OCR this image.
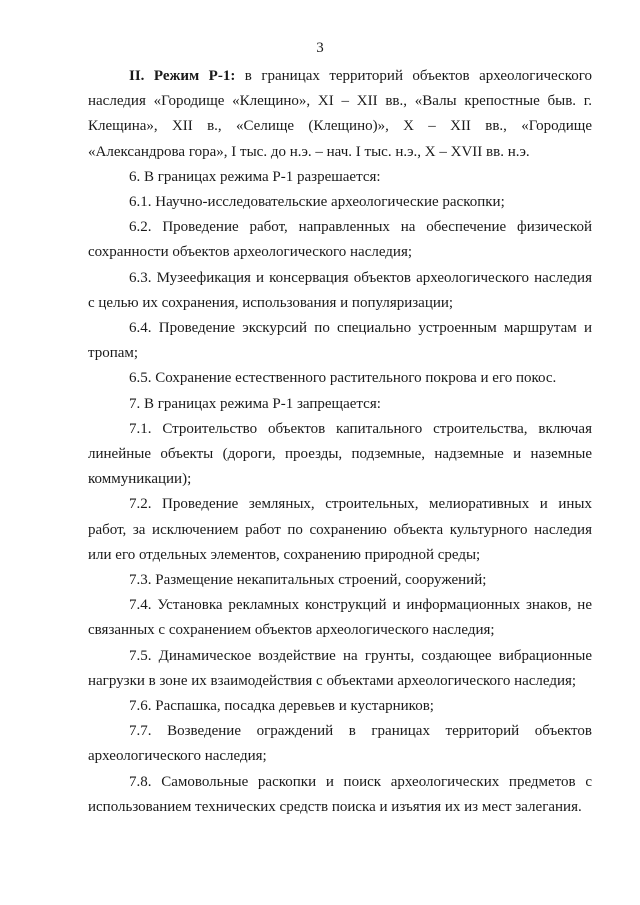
3

II. Режим Р-1: в границах территорий объектов археологического наследия «Городище «Клещино», XI – XII вв., «Валы крепостные быв. г. Клещина», XII в., «Селище (Клещино)», X – XII вв., «Городище «Александрова гора», I тыс. до н.э. – нач. I тыс. н.э., X – XVII вв. н.э.

6. В границах режима Р-1 разрешается:

6.1. Научно-исследовательские археологические раскопки;

6.2. Проведение работ, направленных на обеспечение физической сохранности объектов археологического наследия;

6.3. Музеефикация и консервация объектов археологического наследия с целью их сохранения, использования и популяризации;

6.4. Проведение экскурсий по специально устроенным маршрутам и тропам;

6.5. Сохранение естественного растительного покрова и его покос.

7. В границах режима Р-1 запрещается:

7.1. Строительство объектов капитального строительства, включая линейные объекты (дороги, проезды, подземные, надземные и наземные коммуникации);

7.2. Проведение земляных, строительных, мелиоративных и иных работ, за исключением работ по сохранению объекта культурного наследия или его отдельных элементов, сохранению природной среды;

7.3. Размещение некапитальных строений, сооружений;

7.4. Установка рекламных конструкций и информационных знаков, не связанных с сохранением объектов археологического наследия;

7.5. Динамическое воздействие на грунты, создающее вибрационные нагрузки в зоне их взаимодействия с объектами археологического наследия;

7.6. Распашка, посадка деревьев и кустарников;

7.7. Возведение ограждений в границах территорий объектов археологического наследия;

7.8. Самовольные раскопки и поиск археологических предметов с использованием технических средств поиска и изъятия их из мест залегания.
